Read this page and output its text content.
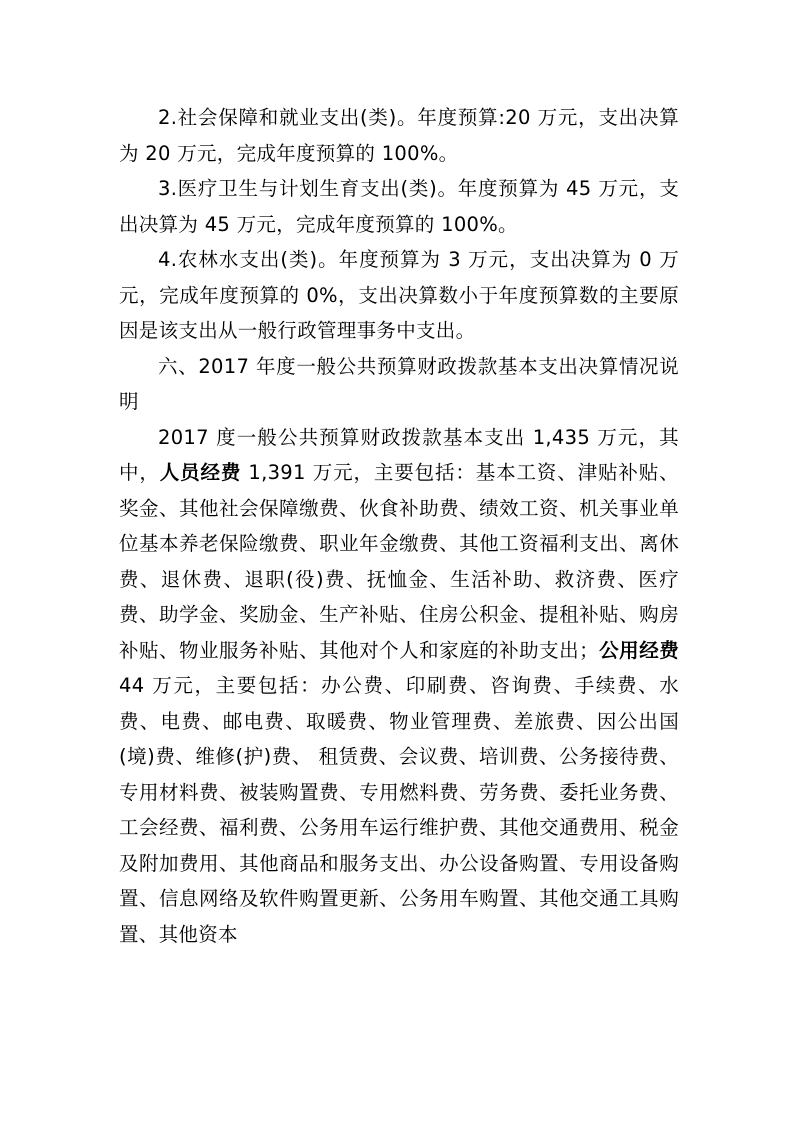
2.社会保障和就业支出(类)。年度预算:20 万元，支出决算为 20 万元，完成年度预算的 100%。

3.医疗卫生与计划生育支出(类)。年度预算为 45 万元，支出决算为 45 万元，完成年度预算的 100%。

4.农林水支出(类)。年度预算为 3 万元，支出决算为 0 万元，完成年度预算的 0%，支出决算数小于年度预算数的主要原因是该支出从一般行政管理事务中支出。

六、2017 年度一般公共预算财政拨款基本支出决算情况说明

2017 度一般公共预算财政拨款基本支出 1,435 万元，其中，人员经费 1,391 万元，主要包括：基本工资、津贴补贴、奖金、其他社会保障缴费、伙食补助费、绩效工资、机关事业单位基本养老保险缴费、职业年金缴费、其他工资福利支出、离休费、退休费、退职(役)费、抚恤金、生活补助、救济费、医疗费、助学金、奖励金、生产补贴、住房公积金、提租补贴、购房补贴、物业服务补贴、其他对个人和家庭的补助支出；公用经费 44 万元，主要包括：办公费、印刷费、咨询费、手续费、水费、电费、邮电费、取暖费、物业管理费、差旅费、因公出国(境)费、维修(护)费、 租赁费、会议费、培训费、公务接待费、专用材料费、被装购置费、专用燃料费、劳务费、委托业务费、工会经费、福利费、公务用车运行维护费、其他交通费用、税金及附加费用、其他商品和服务支出、办公设备购置、专用设备购置、信息网络及软件购置更新、公务用车购置、其他交通工具购置、其他资本
